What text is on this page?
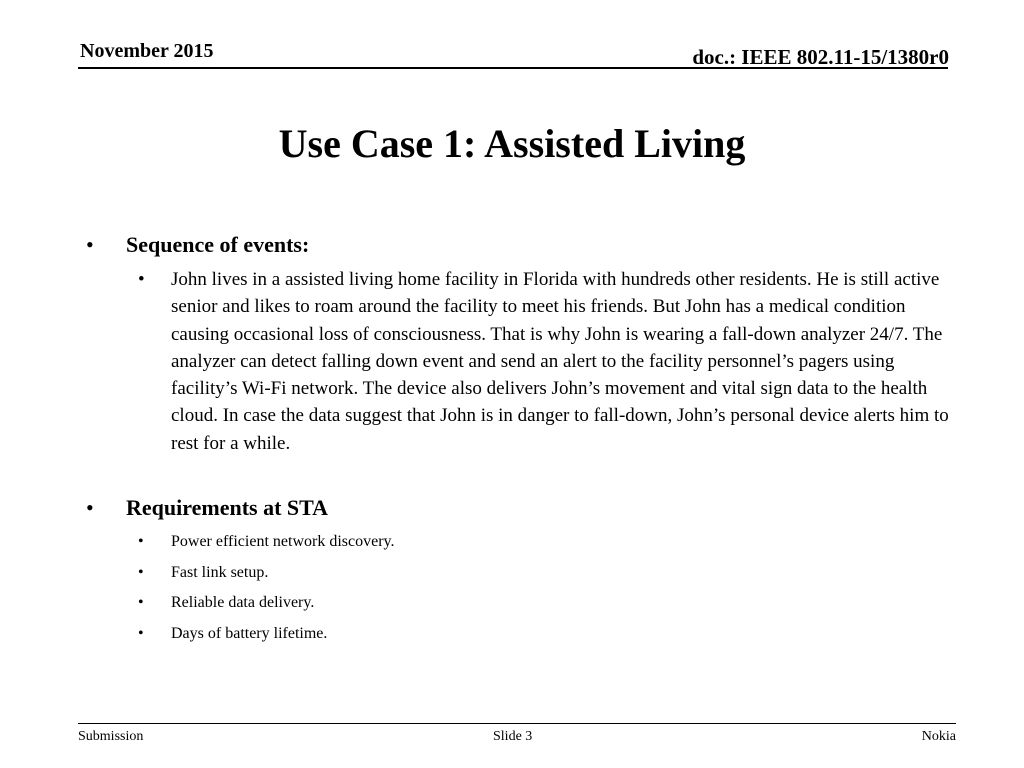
November 2015	doc.: IEEE 802.11-15/1380r0
Use Case 1: Assisted Living
• Sequence of events:
• John lives in a assisted living home facility in Florida with hundreds other residents. He is still active senior and likes to roam around the facility to meet his friends. But John has a medical condition causing occasional loss of consciousness. That is why John is wearing a fall-down analyzer 24/7. The analyzer can detect falling down event and send an alert to the facility personnel’s pagers using facility’s Wi-Fi network. The device also delivers John’s movement and vital sign data to the health cloud. In case the data suggest that John is in danger to fall-down, John’s personal device alerts him to rest for a while.
• Requirements at STA
• Power efficient network discovery.
• Fast link setup.
• Reliable data delivery.
• Days of battery lifetime.
Submission	Slide 3	Nokia
